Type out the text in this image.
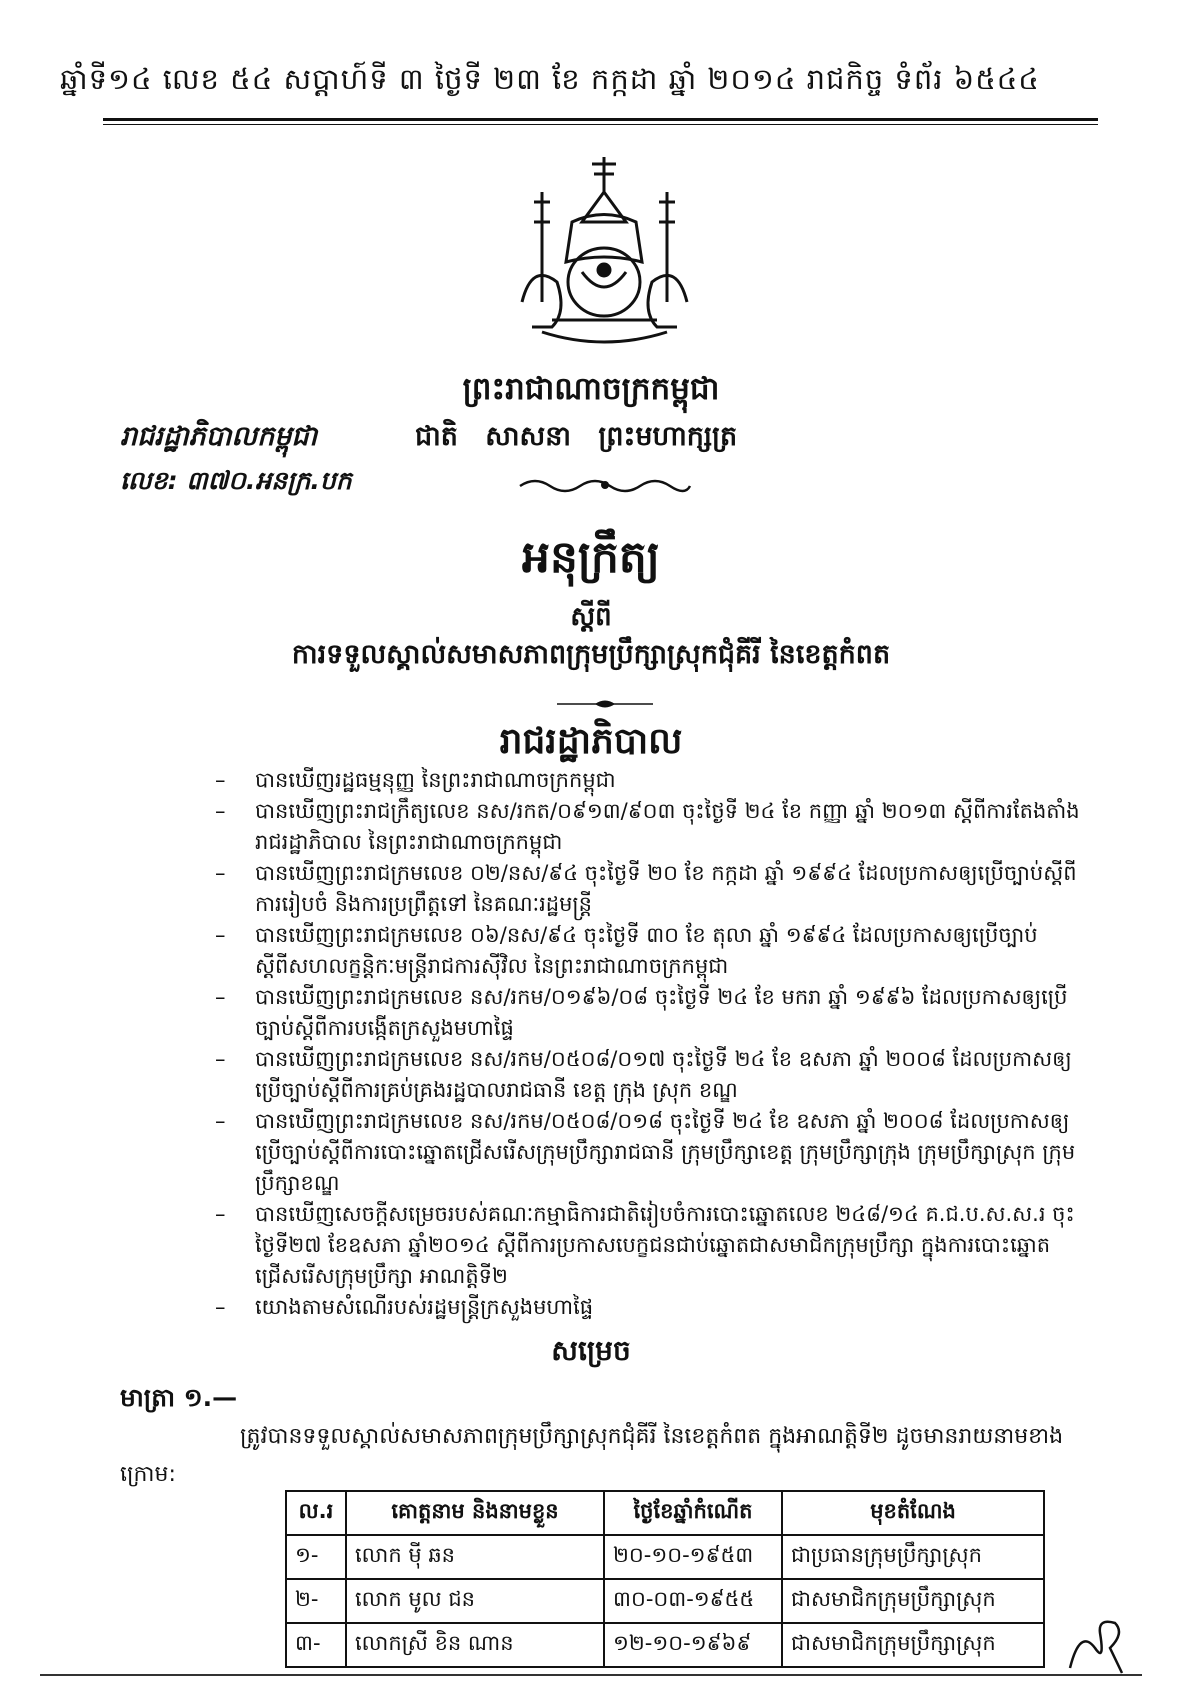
ឆ្នាំទី១៤ លេខ ៥៤ សប្តាហ៍ទី ៣ ថ្ងៃទី ២៣ ខែ កក្កដា ឆ្នាំ ២០១៤ រាជកិច្ច ទំព័រ ៦៥៤៤
ព្រះរាជាណាចក្រកម្ពុជា
រាជរដ្ឋាភិបាលកម្ពុជា	ជាតិ សាសនា ព្រះមហាក្សត្រ
លេខ: ៣៧០.អនក្រ.បក
អនុក្រឹត្យ
ស្តីពី
ការទទួលស្គាល់សមាសភាពក្រុមប្រឹក្សាស្រុកជុំគីរី នៃខេត្តកំពត
រាជរដ្ឋាភិបាល
– បានឃើញរដ្ឋធម្មនុញ្ញ នៃព្រះរាជាណាចក្រកម្ពុជា
– បានឃើញព្រះរាជក្រឹត្យលេខ នស/រកត/០៩១៣/៩០៣ ចុះថ្ងៃទី ២៤ ខែ កញ្ញា ឆ្នាំ ២០១៣ ស្តីពីការតែងតាំងរាជរដ្ឋាភិបាល នៃព្រះរាជាណាចក្រកម្ពុជា
– បានឃើញព្រះរាជក្រមលេខ ០២/នស/៩៤ ចុះថ្ងៃទី ២០ ខែ កក្កដា ឆ្នាំ ១៩៩៤ ដែលប្រកាសឲ្យប្រើច្បាប់ស្តីពីការរៀបចំ និងការប្រព្រឹត្តទៅ នៃគណៈរដ្ឋមន្ត្រី
– បានឃើញព្រះរាជក្រមលេខ ០៦/នស/៩៤ ចុះថ្ងៃទី ៣០ ខែ តុលា ឆ្នាំ ១៩៩៤ ដែលប្រកាសឲ្យប្រើច្បាប់ស្តីពីសហលក្ខន្តិកៈមន្ត្រីរាជការស៊ីវិល នៃព្រះរាជាណាចក្រកម្ពុជា
– បានឃើញព្រះរាជក្រមលេខ នស/រកម/០១៩៦/០៨ ចុះថ្ងៃទី ២៤ ខែ មករា ឆ្នាំ ១៩៩៦ ដែលប្រកាសឲ្យប្រើច្បាប់ស្តីពីការបង្កើតក្រសួងមហាផ្ទៃ
– បានឃើញព្រះរាជក្រមលេខ នស/រកម/០៥០៨/០១៧ ចុះថ្ងៃទី ២៤ ខែ ឧសភា ឆ្នាំ ២០០៨ ដែលប្រកាសឲ្យប្រើច្បាប់ស្តីពីការគ្រប់គ្រងរដ្ឋបាលរាជធានី ខេត្ត ក្រុង ស្រុក ខណ្ឌ
– បានឃើញព្រះរាជក្រមលេខ នស/រកម/០៥០៨/០១៨ ចុះថ្ងៃទី ២៤ ខែ ឧសភា ឆ្នាំ ២០០៨ ដែលប្រកាសឲ្យប្រើច្បាប់ស្តីពីការបោះឆ្នោតជ្រើសរើសក្រុមប្រឹក្សារាជធានី ក្រុមប្រឹក្សាខេត្ត ក្រុមប្រឹក្សាក្រុង ក្រុមប្រឹក្សាស្រុក ក្រុមប្រឹក្សាខណ្ឌ
– បានឃើញសេចក្តីសម្រេចរបស់គណៈកម្មាធិការជាតិរៀបចំការបោះឆ្នោតលេខ ២៤៨/១៤ គ.ជ.ប.ស.ស.រ ចុះថ្ងៃទី២៧ ខែឧសភា ឆ្នាំ២០១៤ ស្តីពីការប្រកាសបេក្ខជនជាប់ឆ្នោតជាសមាជិកក្រុមប្រឹក្សា ក្នុងការបោះឆ្នោតជ្រើសរើសក្រុមប្រឹក្សា អាណត្តិទី២
– យោងតាមសំណើរបស់រដ្ឋមន្ត្រីក្រសួងមហាផ្ទៃ
សម្រេច
មាត្រា ១.—
ត្រូវបានទទួលស្គាល់សមាសភាពក្រុមប្រឹក្សាស្រុកជុំគីរី នៃខេត្តកំពត ក្នុងអាណត្តិទី២ ដូចមានរាយនាមខាងក្រោម:
ល.រ	គោត្តនាម និងនាមខ្លួន	ថ្ងៃខែឆ្នាំកំណើត	មុខតំណែង
១-	លោក ម៉ី ឆន	២០-១០-១៩៥៣	ជាប្រធានក្រុមប្រឹក្សាស្រុក
២-	លោក មូល ជន	៣០-០៣-១៩៥៥	ជាសមាជិកក្រុមប្រឹក្សាស្រុក
៣-	លោកស្រី ខិន ណាន	១២-១០-១៩៦៩	ជាសមាជិកក្រុមប្រឹក្សាស្រុក
